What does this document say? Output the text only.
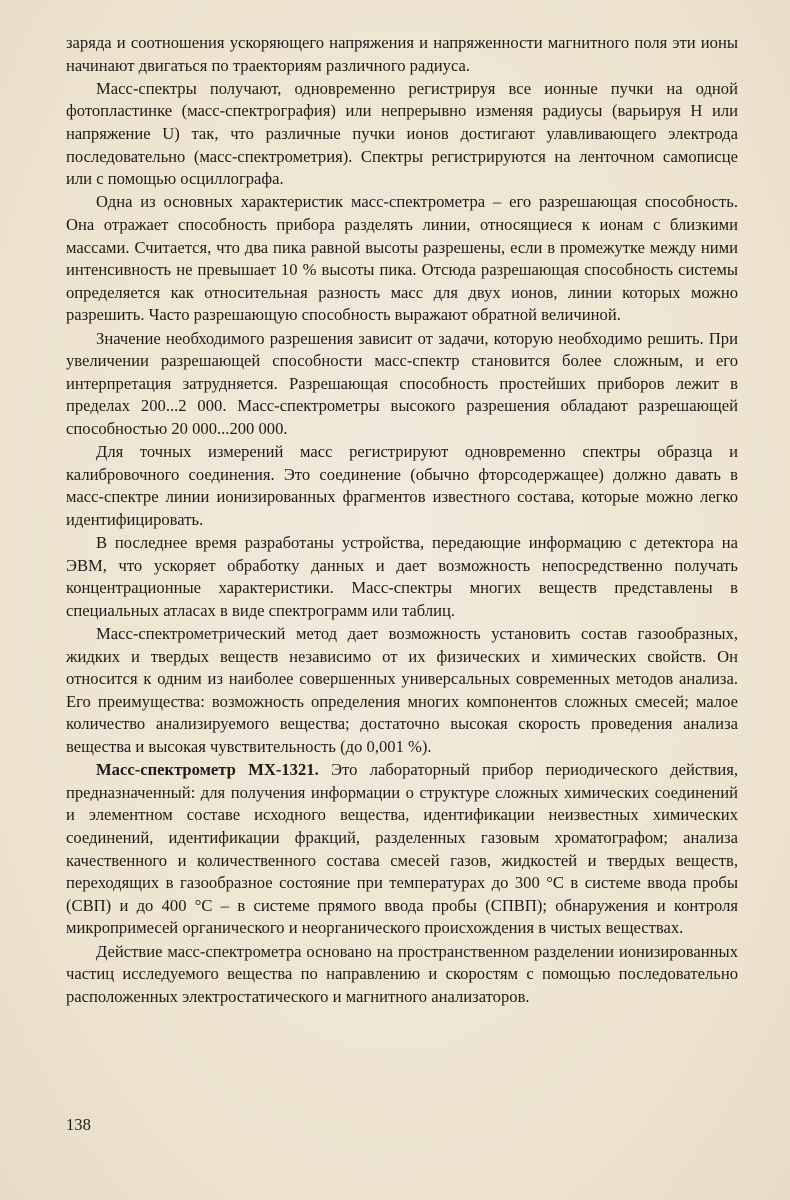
заряда и соотношения ускоряющего напряжения и напряженности магнитного поля эти ионы начинают двигаться по траекториям различного радиуса.

Масс-спектры получают, одновременно регистрируя все ионные пучки на одной фотопластинке (масс-спектрография) или непрерывно изменяя радиусы (варьируя H или напряжение U) так, что различные пучки ионов достигают улавливающего электрода последовательно (масс-спектрометрия). Спектры регистрируются на ленточном самописце или с помощью осциллографа.

Одна из основных характеристик масс-спектрометра – его разрешающая способность. Она отражает способность прибора разделять линии, относящиеся к ионам с близкими массами. Считается, что два пика равной высоты разрешены, если в промежутке между ними интенсивность не превышает 10 % высоты пика. Отсюда разрешающая способность системы определяется как относительная разность масс для двух ионов, линии которых можно разрешить. Часто разрешающую способность выражают обратной величиной.

Значение необходимого разрешения зависит от задачи, которую необходимо решить. При увеличении разрешающей способности масс-спектр становится более сложным, и его интерпретация затрудняется. Разрешающая способность простейших приборов лежит в пределах 200...2 000. Масс-спектрометры высокого разрешения обладают разрешающей способностью 20 000...200 000.

Для точных измерений масс регистрируют одновременно спектры образца и калибровочного соединения. Это соединение (обычно фторсодержащее) должно давать в масс-спектре линии ионизированных фрагментов известного состава, которые можно легко идентифицировать.

В последнее время разработаны устройства, передающие информацию с детектора на ЭВМ, что ускоряет обработку данных и дает возможность непосредственно получать концентрационные характеристики. Масс-спектры многих веществ представлены в специальных атласах в виде спектрограмм или таблиц.

Масс-спектрометрический метод дает возможность установить состав газообразных, жидких и твердых веществ независимо от их физических и химических свойств. Он относится к одним из наиболее совершенных универсальных современных методов анализа. Его преимущества: возможность определения многих компонентов сложных смесей; малое количество анализируемого вещества; достаточно высокая скорость проведения анализа вещества и высокая чувствительность (до 0,001 %).

Масс-спектрометр МХ-1321. Это лабораторный прибор периодического действия, предназначенный: для получения информации о структуре сложных химических соединений и элементном составе исходного вещества, идентификации неизвестных химических соединений, идентификации фракций, разделенных газовым хроматографом; анализа качественного и количественного состава смесей газов, жидкостей и твердых веществ, переходящих в газообразное состояние при температурах до 300 °С в системе ввода пробы (СВП) и до 400 °С – в системе прямого ввода пробы (СПВП); обнаружения и контроля микропримесей органического и неорганического происхождения в чистых веществах.

Действие масс-спектрометра основано на пространственном разделении ионизированных частиц исследуемого вещества по направлению и скоростям с помощью последовательно расположенных электростатического и магнитного анализаторов.

138
